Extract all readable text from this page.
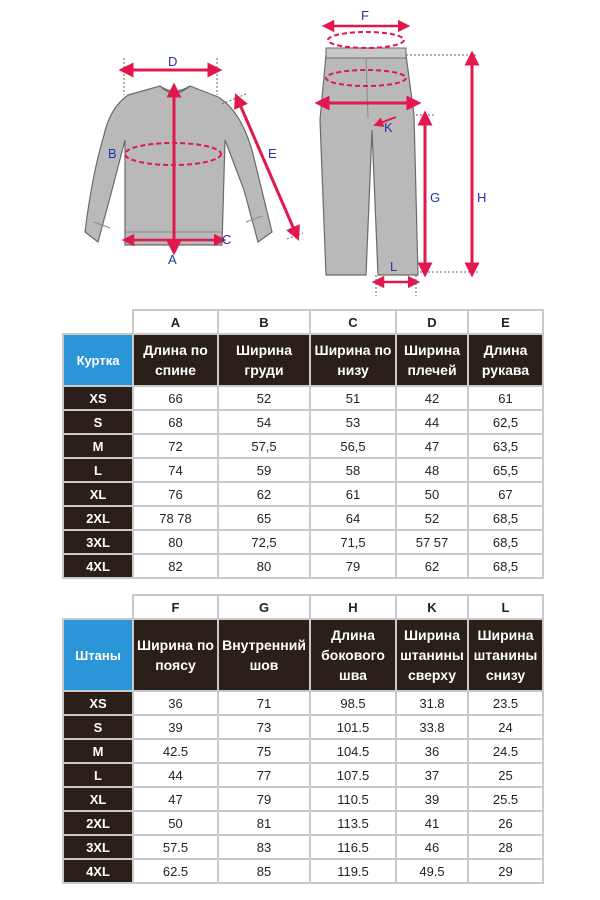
D
B	E
C
A
F
K
G	H
L
	A	B	C	D	E
Куртка	Длина по спине	Ширина груди	Ширина по низу	Ширина плечей	Длина рукава
XS	66	52	51	42	61
S	68	54	53	44	62,5
M	72	57,5	56,5	47	63,5
L	74	59	58	48	65,5
XL	76	62	61	50	67
2XL	78 78	65	64	52	68,5
3XL	80	72,5	71,5	57 57	68,5
4XL	82	80	79	62	68,5
	F	G	H	K	L
Штаны	Ширина по поясу	Внутренний шов	Длина бокового шва	Ширина штанины сверху	Ширина штанины снизу
XS	36	71	98.5	31.8	23.5
S	39	73	101.5	33.8	24
M	42.5	75	104.5	36	24.5
L	44	77	107.5	37	25
XL	47	79	110.5	39	25.5
2XL	50	81	113.5	41	26
3XL	57.5	83	116.5	46	28
4XL	62.5	85	119.5	49.5	29
